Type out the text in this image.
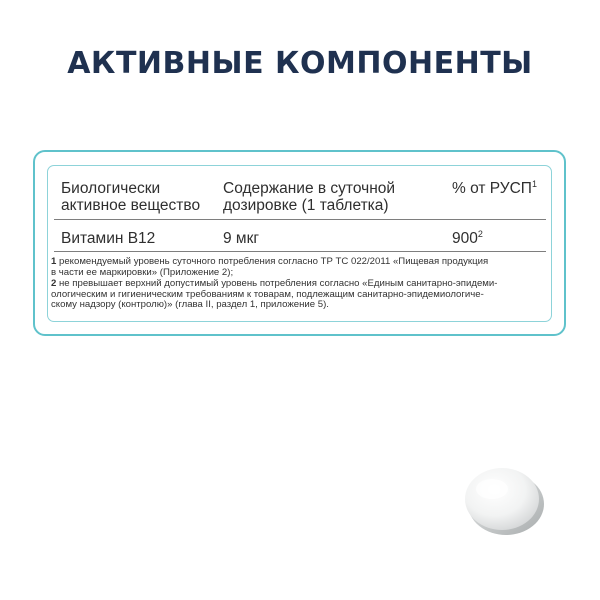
АКТИВНЫЕ КОМПОНЕНТЫ
Биологически
активное вещество
Содержание в суточной
дозировке (1 таблетка)
% от РУСП$^1$
Витамин В12	9 мкг	$900^2$
1 рекомендуемый уровень суточного потребления согласно ТР ТС 022/2011 «Пищевая продукция
в части ее маркировки» (Приложение 2);
2 не превышает верхний допустимый уровень потребления согласно «Единым санитарно-эпидеми-
ологическим и гигиеническим требованиям к товарам, подлежащим санитарно-эпидемиологиче-
скому надзору (контролю)» (глава II, раздел 1, приложение 5).
